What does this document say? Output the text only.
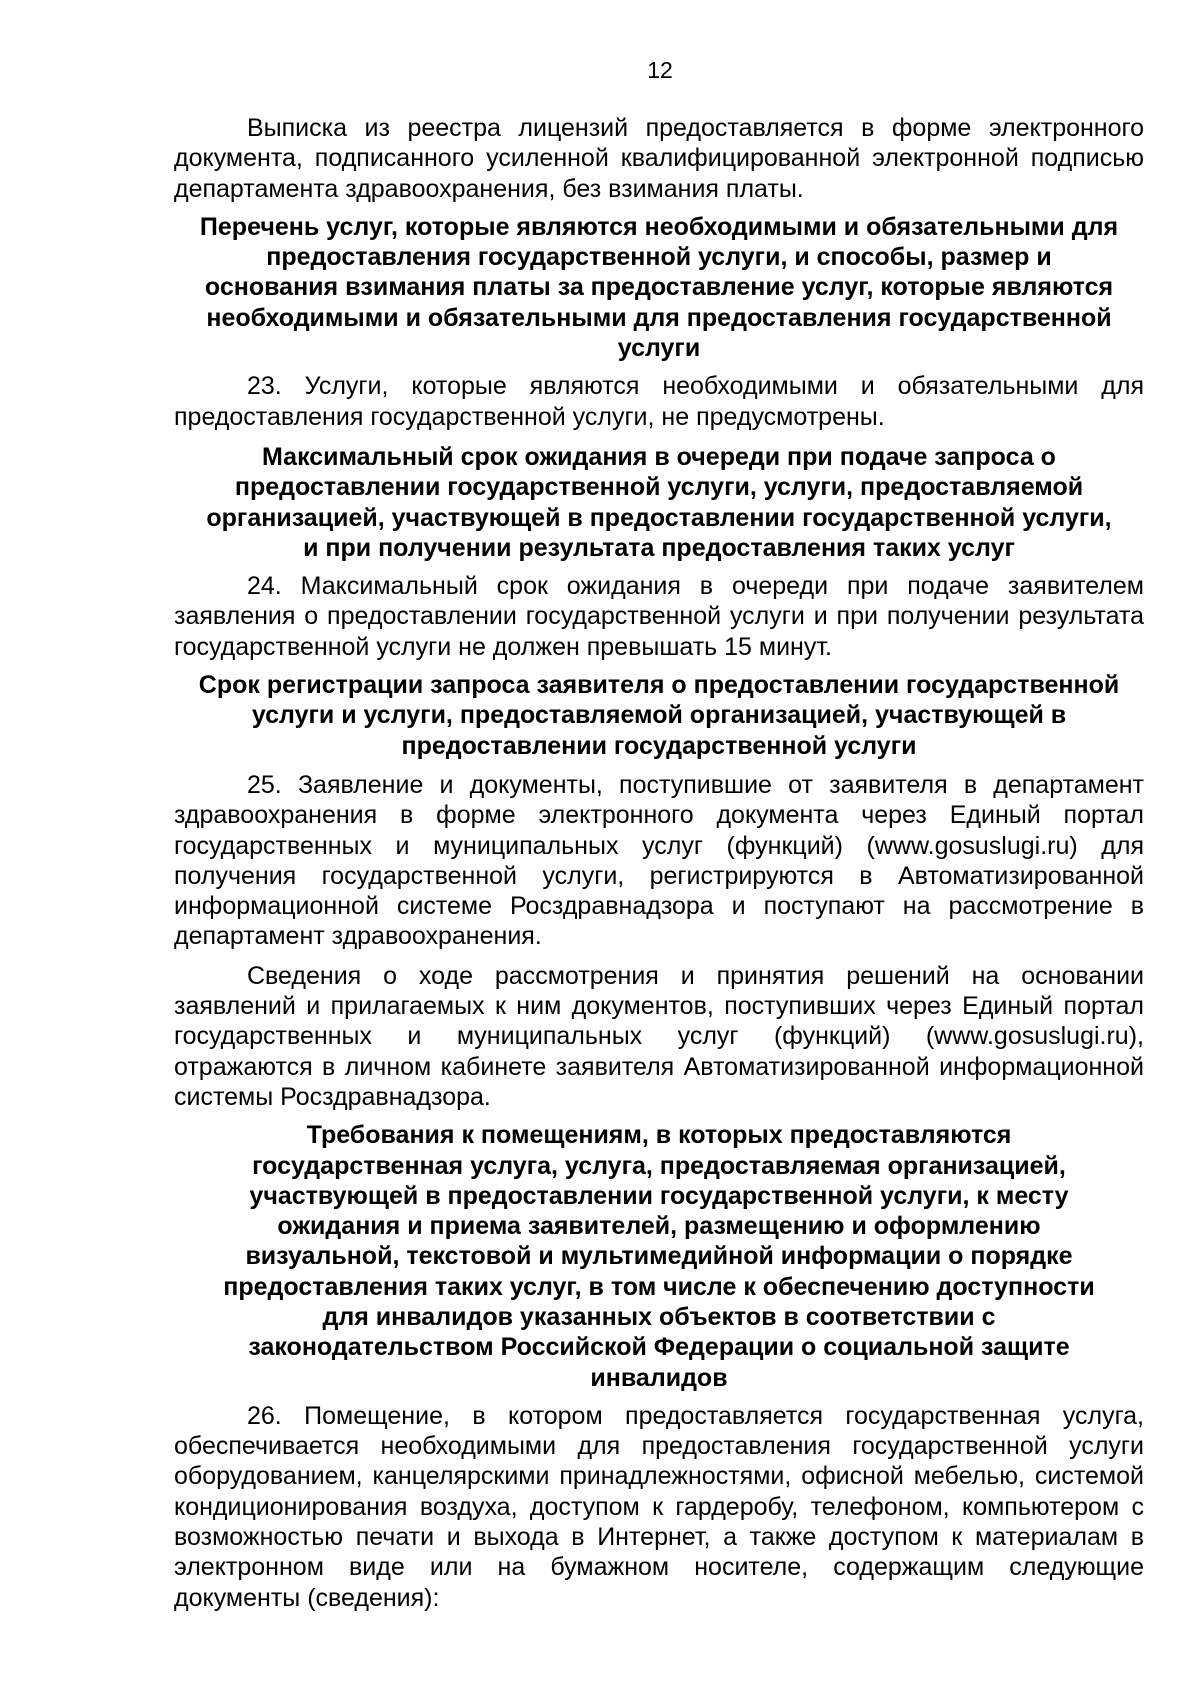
12

Выписка из реестра лицензий предоставляется в форме электронного документа, подписанного усиленной квалифицированной электронной подписью департамента здравоохранения, без взимания платы.

Перечень услуг, которые являются необходимыми и обязательными для
предоставления государственной услуги, и способы, размер и
основания взимания платы за предоставление услуг, которые являются
необходимыми и обязательными для предоставления государственной
услуги

23. Услуги, которые являются необходимыми и обязательными для предоставления государственной услуги, не предусмотрены.

Максимальный срок ожидания в очереди при подаче запроса о
предоставлении государственной услуги, услуги, предоставляемой
организацией, участвующей в предоставлении государственной услуги,
и при получении результата предоставления таких услуг

24. Максимальный срок ожидания в очереди при подаче заявителем заявления о предоставлении государственной услуги и при получении результата государственной услуги не должен превышать 15 минут.

Срок регистрации запроса заявителя о предоставлении государственной
услуги и услуги, предоставляемой организацией, участвующей в
предоставлении государственной услуги

25. Заявление и документы, поступившие от заявителя в департамент здравоохранения в форме электронного документа через Единый портал государственных и муниципальных услуг (функций) (www.gosuslugi.ru) для получения государственной услуги, регистрируются в Автоматизированной информационной системе Росздравнадзора и поступают на рассмотрение в департамент здравоохранения.

Сведения о ходе рассмотрения и принятия решений на основании заявлений и прилагаемых к ним документов, поступивших через Единый портал государственных и муниципальных услуг (функций) (www.gosuslugi.ru), отражаются в личном кабинете заявителя Автоматизированной информационной системы Росздравнадзора.

Требования к помещениям, в которых предоставляются
государственная услуга, услуга, предоставляемая организацией,
участвующей в предоставлении государственной услуги, к месту
ожидания и приема заявителей, размещению и оформлению
визуальной, текстовой и мультимедийной информации о порядке
предоставления таких услуг, в том числе к обеспечению доступности
для инвалидов указанных объектов в соответствии с
законодательством Российской Федерации о социальной защите
инвалидов

26. Помещение, в котором предоставляется государственная услуга, обеспечивается необходимыми для предоставления государственной услуги оборудованием, канцелярскими принадлежностями, офисной мебелью, системой кондиционирования воздуха, доступом к гардеробу, телефоном, компьютером с возможностью печати и выхода в Интернет, а также доступом к материалам в электронном виде или на бумажном носителе, содержащим следующие документы (сведения):
